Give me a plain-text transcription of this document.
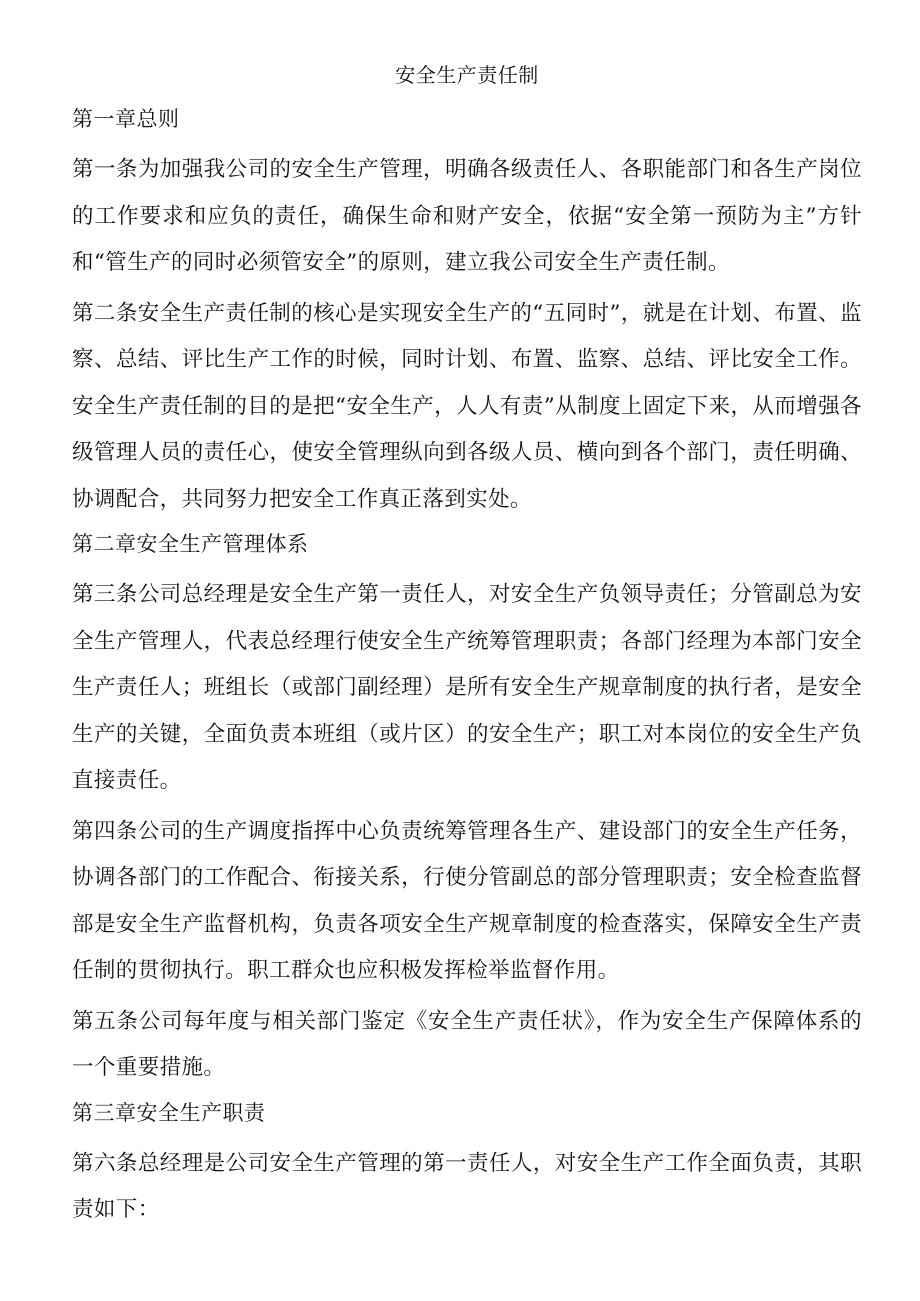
安全生产责任制
第一章总则

第一条为加强我公司的安全生产管理，明确各级责任人、各职能部门和各生产岗位的工作要求和应负的责任，确保生命和财产安全，依据“安全第一预防为主”方针和“管生产的同时必须管安全”的原则，建立我公司安全生产责任制。

第二条安全生产责任制的核心是实现安全生产的“五同时”，就是在计划、布置、监察、总结、评比生产工作的时候，同时计划、布置、监察、总结、评比安全工作。安全生产责任制的目的是把“安全生产，人人有责”从制度上固定下来，从而增强各级管理人员的责任心，使安全管理纵向到各级人员、横向到各个部门，责任明确、协调配合，共同努力把安全工作真正落到实处。

第二章安全生产管理体系

第三条公司总经理是安全生产第一责任人，对安全生产负领导责任；分管副总为安全生产管理人，代表总经理行使安全生产统筹管理职责；各部门经理为本部门安全生产责任人；班组长（或部门副经理）是所有安全生产规章制度的执行者，是安全生产的关键，全面负责本班组（或片区）的安全生产；职工对本岗位的安全生产负直接责任。

第四条公司的生产调度指挥中心负责统筹管理各生产、建设部门的安全生产任务，协调各部门的工作配合、衔接关系，行使分管副总的部分管理职责；安全检查监督部是安全生产监督机构，负责各项安全生产规章制度的检查落实，保障安全生产责任制的贯彻执行。职工群众也应积极发挥检举监督作用。

第五条公司每年度与相关部门鉴定《安全生产责任状》，作为安全生产保障体系的一个重要措施。

第三章安全生产职责

第六条总经理是公司安全生产管理的第一责任人，对安全生产工作全面负责，其职责如下：
